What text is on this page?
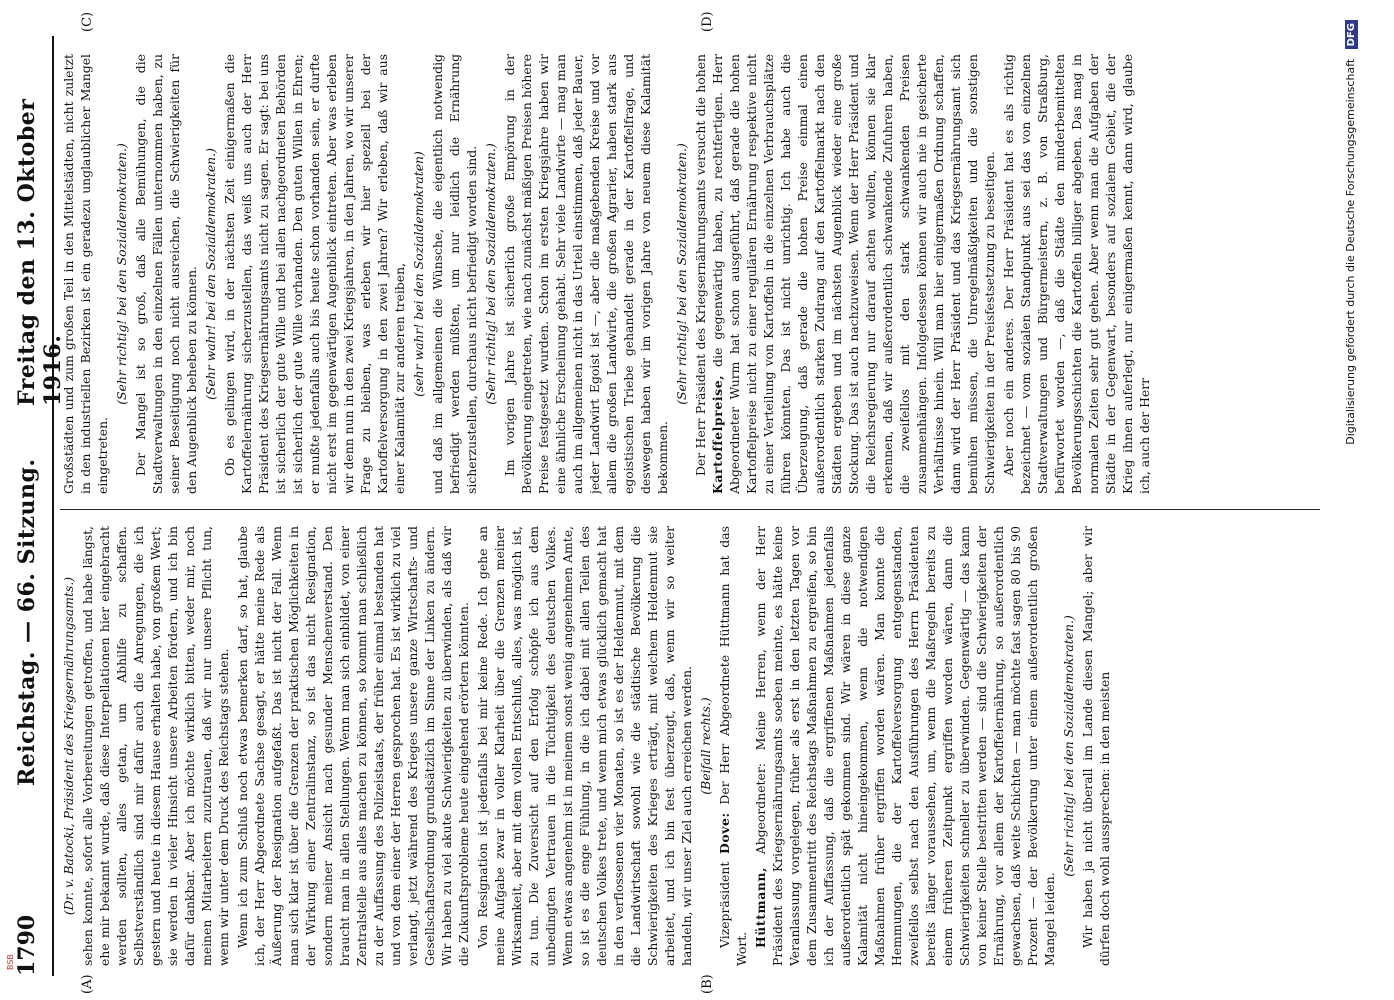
1790
Reichstag. — 66. Sitzung.
Freitag den 13. Oktober 1916.
(A)	(B)
(C)	(D)

(Dr. v. Batocki, Präsident des Kriegsernährungsamts.) sehen konnte, sofort alle Vorbereitungen getroffen, und habe längst, ehe mir bekannt wurde, daß diese Interpellationen hier eingebracht werden sollten, alles getan, um Abhilfe zu schaffen. Selbstverständlich sind mir dafür auch die Anregungen, die ich gestern und heute in diesem Hause erhalten habe, von großem Wert; sie werden in vieler Hinsicht unsere Arbeiten fördern, und ich bin dafür dankbar. Aber ich möchte wirklich bitten, weder mir, noch meinen Mitarbeitern zuzutrauen, daß wir nur unsere Pflicht tun, wenn wir unter dem Druck des Reichstags stehen. Wenn ich zum Schluß noch etwas bemerken darf, so hat, glaube ich, der Herr Abgeordnete Sachse gesagt, er hätte meine Rede als Äußerung der Resignation aufgefaßt. Das ist nicht der Fall. Wenn man sich klar ist über die Grenzen der praktischen Möglichkeiten in der Wirkung einer Zentralinstanz, so ist das nicht Resignation, sondern meiner Ansicht nach gesunder Menschenverstand. Den braucht man in allen Stellungen. Wenn man sich einbildet, von einer Zentralstelle aus alles machen zu können, so kommt man schließlich zu der Auffassung des Polizeistaats, der früher einmal bestanden hat und von dem einer der Herren gesprochen hat. Es ist wirklich zu viel verlangt, jetzt während des Krieges unsere ganze Wirtschafts- und Gesellschaftsordnung grundsätzlich im Sinne der Linken zu ändern. Wir haben zu viel akute Schwierigkeiten zu überwinden, als daß wir die Zukunftsprobleme heute eingehend erörtern könnten. Von Resignation ist jedenfalls bei mir keine Rede. Ich gehe an meine Aufgabe zwar in voller Klarheit über die Grenzen meiner Wirksamkeit, aber mit dem vollen Entschluß, alles, was möglich ist, zu tun. Die Zuversicht auf den Erfolg schöpfe ich aus dem unbedingten Vertrauen in die Tüchtigkeit des deutschen Volkes. Wenn etwas angenehm ist in meinem sonst wenig angenehmen Amte, so ist es die enge Fühlung, in die ich dabei mit allen Teilen des deutschen Volkes trete, und wenn mich etwas glücklich gemacht hat in den verflossenen vier Monaten, so ist es der Heldenmut, mit dem die Landwirtschaft sowohl wie die städtische Bevölkerung die Schwierigkeiten des Krieges erträgt, mit welchem Heldenmut sie arbeitet, und ich bin fest überzeugt, daß, wenn wir so weiter handeln, wir unser Ziel auch erreichen werden. (Beifall rechts.)

Vizepräsident Dove: Der Herr Abgeordnete Hüttmann hat das Wort.

Hüttmann, Abgeordneter: Meine Herren, wenn der Herr Präsident des Kriegsernährungsamts soeben meinte, es hätte keine Veranlassung vorgelegen, früher als erst in den letzten Tagen vor dem Zusammentritt des Reichstags Maßnahmen zu ergreifen, so bin ich der Auffassung, daß die ergriffenen Maßnahmen jedenfalls außerordentlich spät gekommen sind. Wir wären in diese ganze Kalamität nicht hineingekommen, wenn die notwendigen Maßnahmen früher ergriffen worden wären. Man konnte die Hemmungen, die der Kartoffelversorgung entgegenstanden, zweifellos selbst nach den Ausführungen des Herrn Präsidenten bereits länger voraussehen, um, wenn die Maßregeln bereits zu einem früheren Zeitpunkt ergriffen worden wären, dann die Schwierigkeiten schneller zu überwinden. Gegenwärtig — das kann von keiner Stelle bestritten werden — sind die Schwierigkeiten der Ernährung, vor allem der Kartoffelernährung, so außerordentlich gewachsen, daß weite Schichten — man möchte fast sagen 80 bis 90 Prozent — der Bevölkerung unter einem außerordentlich großen Mangel leiden.

(Sehr richtig! bei den Sozialdemokraten.) Wir haben ja nicht überall im Lande diesen Mangel; aber wir dürfen doch wohl aussprechen: in den meisten

Großstädten und zum großen Teil in den Mittelstädten, nicht zuletzt in den industriellen Bezirken ist ein geradezu unglaublicher Mangel eingetreten.

(Sehr richtig! bei den Sozialdemokraten.) Der Mangel ist so groß, daß alle Bemühungen, die die Stadtverwaltungen in den einzelnen Fällen unternommen haben, zu seiner Beseitigung noch nicht ausreichen, die Schwierigkeiten für den Augenblick beheben zu können. (Sehr wahr! bei den Sozialdemokraten.) Ob es gelingen wird, in der nächsten Zeit einigermaßen die Kartoffelernährung sicherzustellen, das weiß uns auch der Herr Präsident des Kriegsernährungsamts nicht zu sagen. Er sagt: bei uns ist sicherlich der gute Wille und bei allen nachgeordneten Behörden ist sicherlich der gute Wille vorhanden. Den guten Willen in Ehren; er mußte jedenfalls auch bis heute schon vorhanden sein, er durfte nicht erst im gegenwärtigen Augenblick eintreten. Aber was erleben wir denn nun in den zwei Kriegsjahren, in den Jahren, wo wir unserer Frage zu bleiben, was erleben wir hier speziell bei der Kartoffelversorgung in den zwei Jahren? Wir erleben, daß wir aus einer Kalamität zur anderen treiben, (sehr wahr! bei den Sozialdemokraten) und daß im allgemeinen die Wünsche, die eigentlich notwendig befriedigt werden müßten, um nur leidlich die Ernährung sicherzustellen, durchaus nicht befriedigt worden sind. (Sehr richtig! bei den Sozialdemokraten.) Im vorigen Jahre ist sicherlich große Empörung in der Bevölkerung eingetreten, wie nach zunächst mäßigen Preisen höhere Preise festgesetzt wurden. Schon im ersten Kriegsjahre haben wir eine ähnliche Erscheinung gehabt. Sehr viele Landwirte — mag man auch im allgemeinen nicht in das Urteil einstimmen, daß jeder Bauer, jeder Landwirt Egoist ist —, aber die maßgebenden Kreise und vor allem die großen Landwirte, die großen Agrarier, haben stark aus egoistischen Triebe gehandelt gerade in der Kartoffelfrage, und deswegen haben wir im vorigen Jahre von neuem diese Kalamität bekommen.

(Sehr richtig! bei den Sozialdemokraten.) Der Herr Präsident des Kriegsernährungsamts versucht die hohen Kartoffelpreise, die gegenwärtig haben, zu rechtfertigen. Herr Abgeordneter Wurm hat schon ausgeführt, daß gerade die hohen Kartoffelpreise nicht zu einer regulären Ernährung respektive nicht zu einer Verteilung von Kartoffeln in die einzelnen Verbrauchsplätze führen könnten. Das ist nicht unrichtig. Ich habe auch die Überzeugung, daß gerade die hohen Preise einmal einen außerordentlich starken Zudrang auf den Kartoffelmarkt nach den Städten ergeben und im nächsten Augenblick wieder eine große Stockung. Das ist auch nachzuweisen. Wenn der Herr Präsident und die Reichsregierung nur darauf achten wollten, können sie klar erkennen, daß wir außerordentlich schwankende Zufuhren haben, die zweifellos mit den stark schwankenden Preisen zusammenhängen. Infolgedessen können wir auch nie in gesicherte Verhältnisse hinein. Will man hier einigermaßen Ordnung schaffen, dann wird der Herr Präsident und das Kriegsernährungsamt sich bemühen müssen, die Unregelmäßigkeiten und die sonstigen Schwierigkeiten in der Preisfestsetzung zu beseitigen. Aber noch ein anderes. Der Herr Präsident hat es als richtig bezeichnet — vom sozialen Standpunkt aus sei das von einzelnen Stadtverwaltungen und Bürgermeistern, z. B. von Straßburg, befürwortet worden —, daß die Städte den minderbemittelten Bevölkerungsschichten die Kartoffeln billiger abgeben. Das mag in normalen Zeiten sehr gut gehen. Aber wenn man die Aufgaben der Städte in der Gegenwart, besonders auf sozialem Gebiet, die der Krieg ihnen auferlegt, nur einigermaßen kennt, dann wird, glaube ich, auch der Herr	Digitalisierung gefördert durch die Deutsche Forschungsgemeinschaft DFG
BSB
